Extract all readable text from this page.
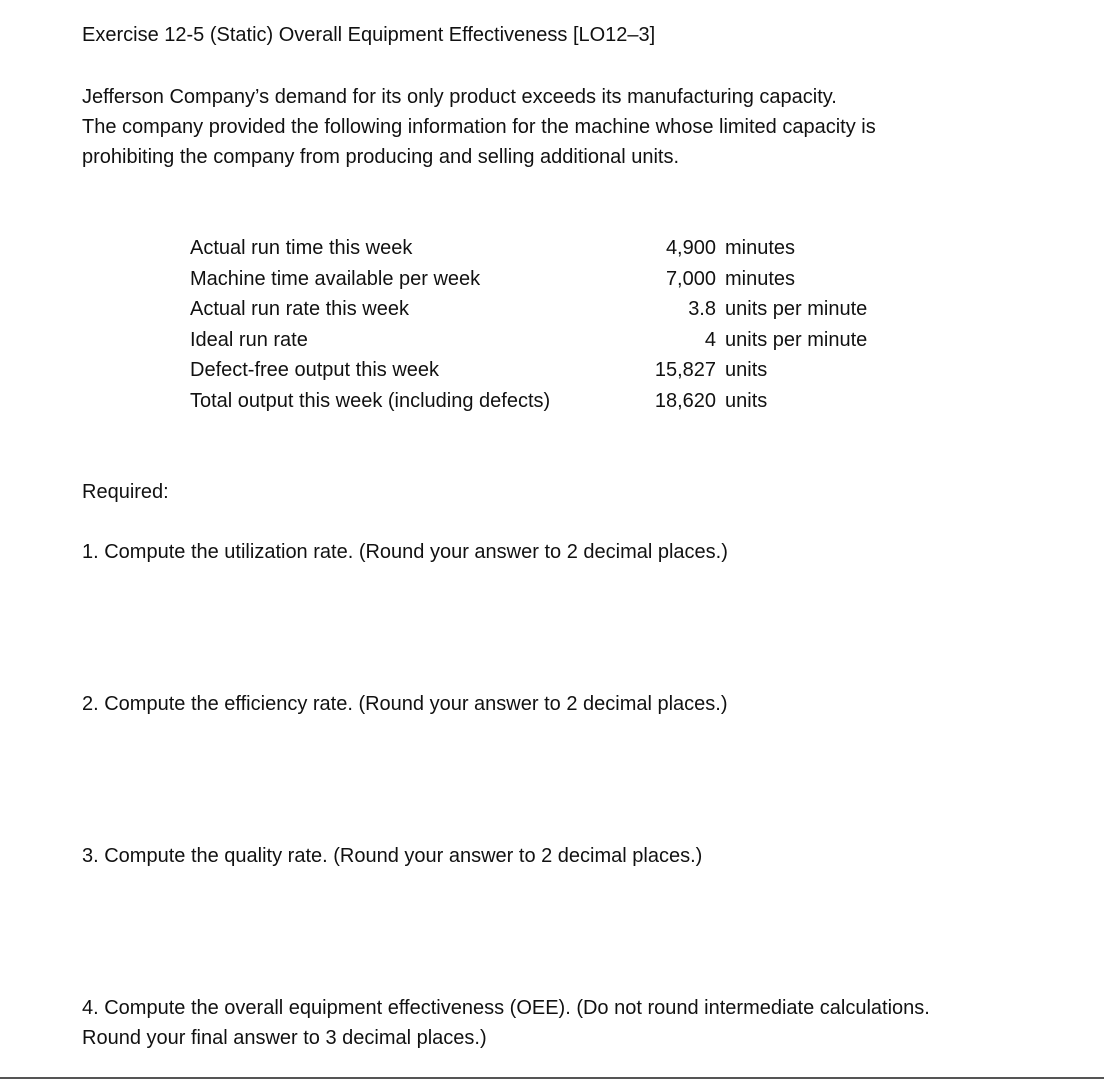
Exercise 12-5 (Static) Overall Equipment Effectiveness [LO12–3]
Jefferson Company’s demand for its only product exceeds its manufacturing capacity.
The company provided the following information for the machine whose limited capacity is
prohibiting the company from producing and selling additional units.
Actual run time this week	4,900	minutes
Machine time available per week	7,000	minutes
Actual run rate this week	3.8	units per minute
Ideal run rate	4	units per minute
Defect-free output this week	15,827	units
Total output this week (including defects)	18,620	units
Required:
1. Compute the utilization rate. (Round your answer to 2 decimal places.)
2. Compute the efficiency rate. (Round your answer to 2 decimal places.)
3. Compute the quality rate. (Round your answer to 2 decimal places.)
4. Compute the overall equipment effectiveness (OEE). (Do not round intermediate calculations.
Round your final answer to 3 decimal places.)
